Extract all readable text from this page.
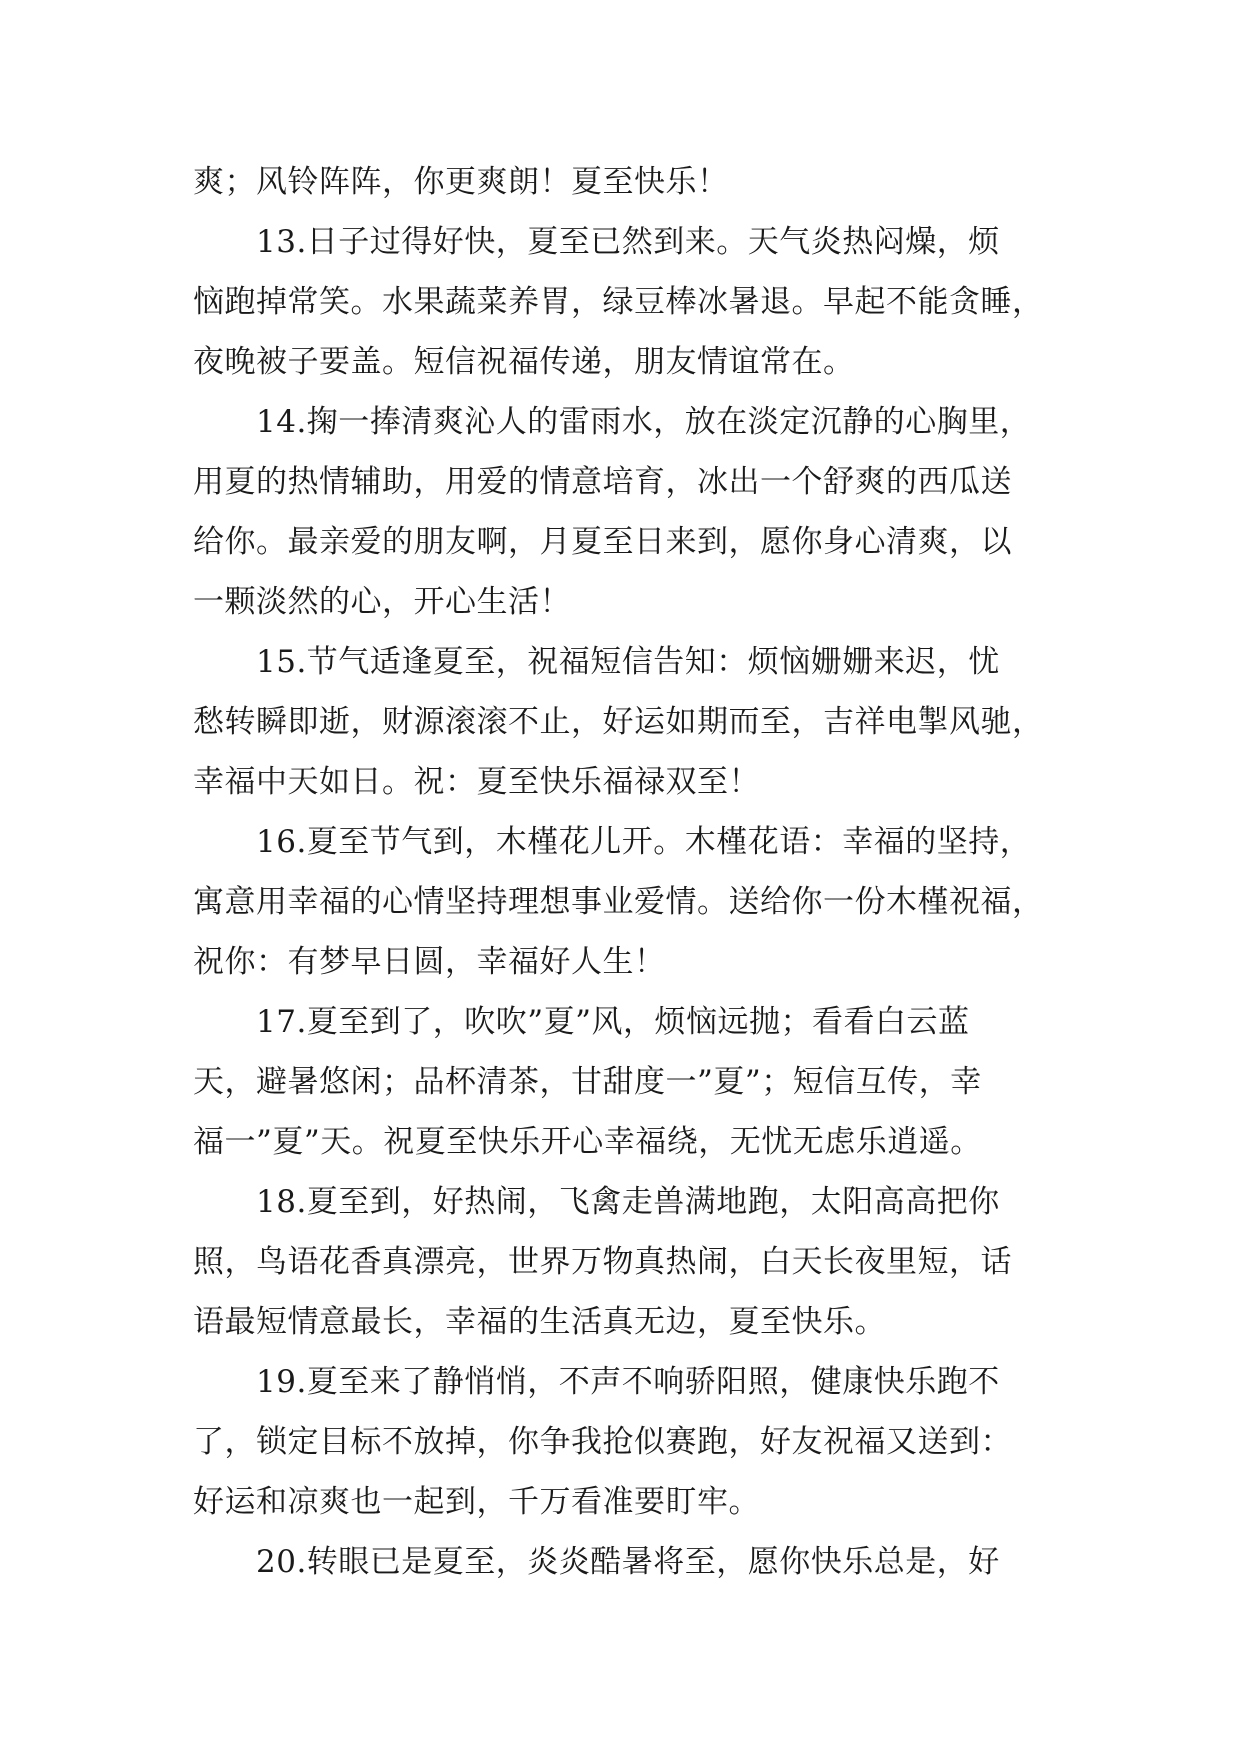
爽；风铃阵阵，你更爽朗！夏至快乐！
13.日子过得好快，夏至已然到来。天气炎热闷燥，烦
恼跑掉常笑。水果蔬菜养胃，绿豆棒冰暑退。早起不能贪睡，
夜晚被子要盖。短信祝福传递，朋友情谊常在。
14.掬一捧清爽沁人的雷雨水，放在淡定沉静的心胸里，
用夏的热情辅助，用爱的情意培育，冰出一个舒爽的西瓜送
给你。最亲爱的朋友啊，月夏至日来到，愿你身心清爽，以
一颗淡然的心，开心生活！
15.节气适逢夏至，祝福短信告知：烦恼姗姗来迟，忧
愁转瞬即逝，财源滚滚不止，好运如期而至，吉祥电掣风驰，
幸福中天如日。祝：夏至快乐福禄双至！
16.夏至节气到，木槿花儿开。木槿花语：幸福的坚持，
寓意用幸福的心情坚持理想事业爱情。送给你一份木槿祝福，
祝你：有梦早日圆，幸福好人生！
17.夏至到了，吹吹”夏”风，烦恼远抛；看看白云蓝
天，避暑悠闲；品杯清茶，甘甜度一”夏”；短信互传，幸
福一”夏”天。祝夏至快乐开心幸福绕，无忧无虑乐逍遥。
18.夏至到，好热闹，飞禽走兽满地跑，太阳高高把你
照，鸟语花香真漂亮，世界万物真热闹，白天长夜里短，话
语最短情意最长，幸福的生活真无边，夏至快乐。
19.夏至来了静悄悄，不声不响骄阳照，健康快乐跑不
了，锁定目标不放掉，你争我抢似赛跑，好友祝福又送到：
好运和凉爽也一起到，千万看准要盯牢。
20.转眼已是夏至，炎炎酷暑将至，愿你快乐总是，好
